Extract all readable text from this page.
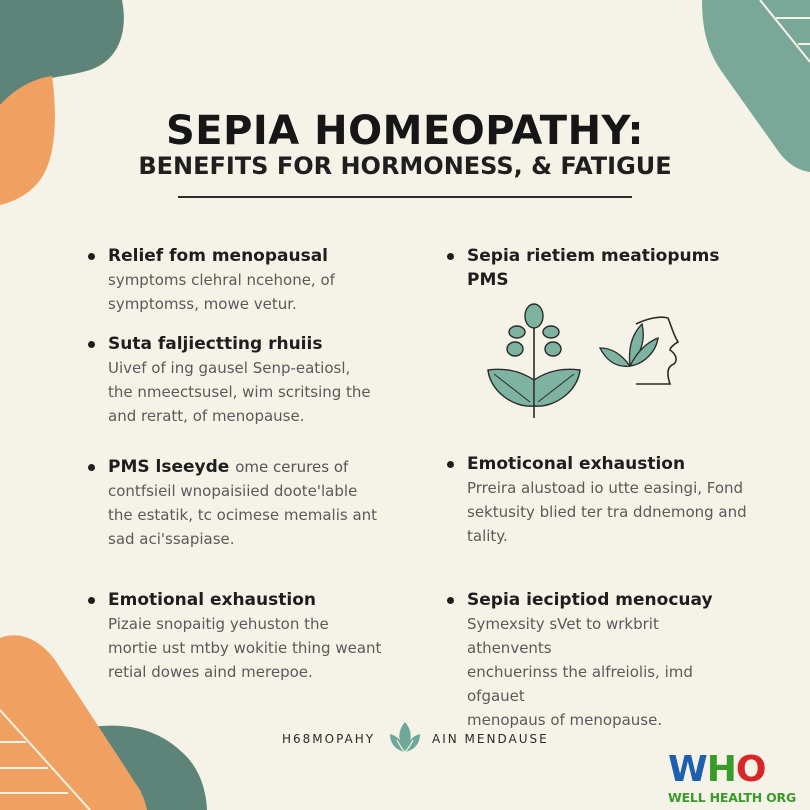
SEPIA HOMEOPATHY:
BENEFITS FOR HORMONESS, & FATIGUE
Relief fom menopausal
symptoms clehral ncehone, of
symptomss, mowe vetur.
Suta faljiectting rhuiis
Uivef of ing gausel Senp-eatiosl,
the nmeectsusel, wim scritsing the
and reratt, of menopause.
PMS lseeyde ome cerures of
contfsieil wnopaisiied doote'lable
the estatik, tc ocimese memalis ant
sad aci'ssapiase.
Emotional exhaustion
Pizaie snopaitig yehuston the
mortie ust mtby wokitie thing weant
retial dowes aind merepoe.
Sepia rietiem meatiopums PMS
Emoticonal exhaustion
Prreira alustoad io utte easingi, Fond
sektusity blied ter tra ddnemong and
tality.
Sepia ieciptiod menocuay
Symexsity sVet to wrkbrit athenvents
enchuerinss the alfreiolis, imd ofgauet
menopaus of menopause.
H68MOPAHY	AIN MENDAUSE
WHO
WELL HEALTH ORG
